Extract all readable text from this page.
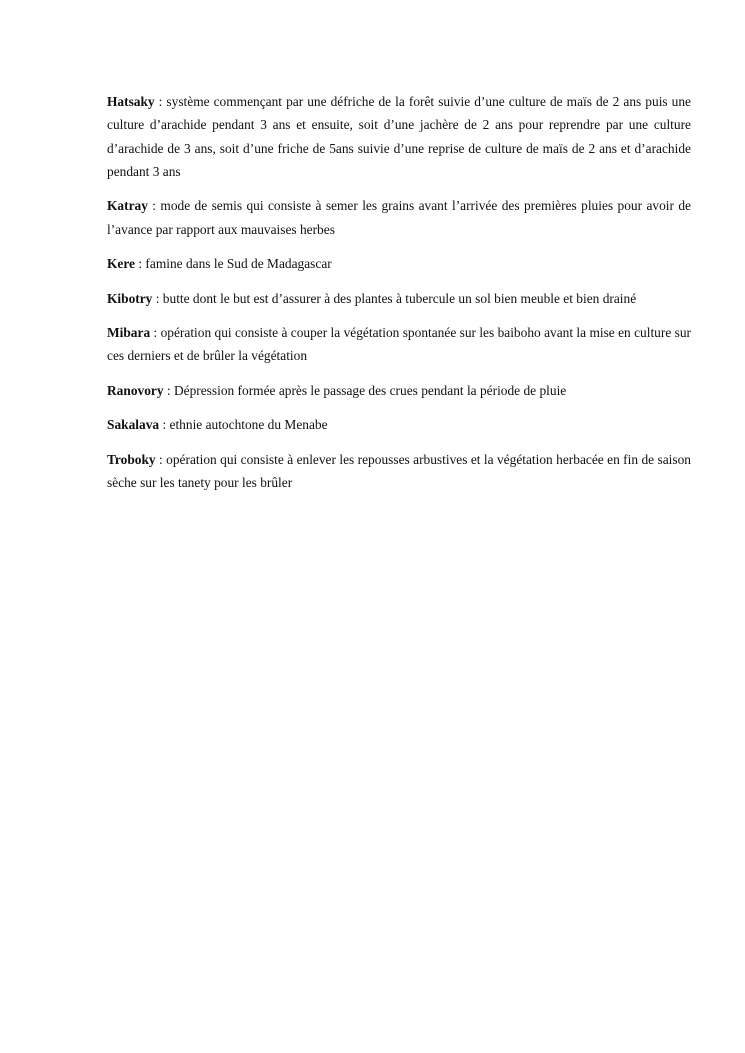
Hatsaky : système commençant par une défriche de la forêt suivie d’une culture de maïs de 2 ans puis une culture d’arachide pendant 3 ans et ensuite, soit d’une jachère de 2 ans pour reprendre par une culture d’arachide de 3 ans, soit d’une friche de 5ans suivie d’une reprise de culture de maïs de 2 ans et d’arachide pendant 3 ans

Katray : mode de semis qui consiste à semer les grains avant l’arrivée des premières pluies pour avoir de l’avance par rapport aux mauvaises herbes

Kere : famine dans le Sud de Madagascar

Kibotry : butte dont le but est d’assurer à des plantes à tubercule un sol bien meuble et bien drainé

Mibara : opération qui consiste à couper la végétation spontanée sur les baiboho avant la mise en culture sur ces derniers et de brûler la végétation

Ranovory : Dépression formée après le passage des crues pendant la période de pluie

Sakalava : ethnie autochtone du Menabe

Troboky : opération qui consiste à enlever les repousses arbustives et la végétation herbacée en fin de saison sèche sur les tanety pour les brûler
